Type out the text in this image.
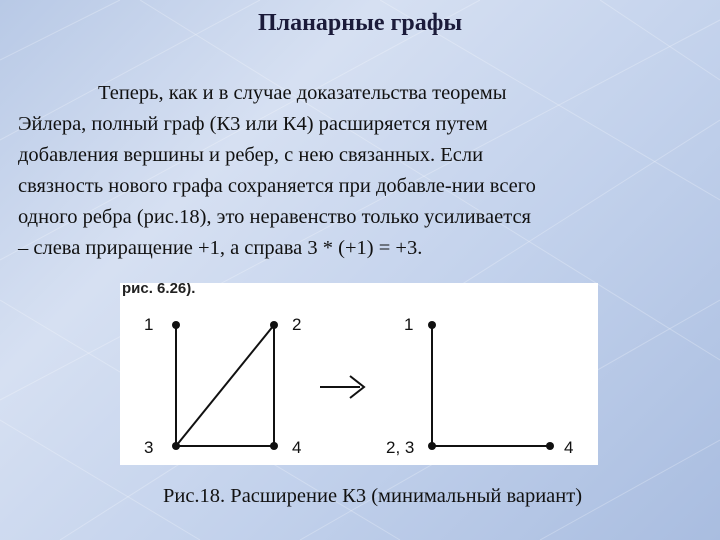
Планарные графы
Теперь, как и в случае доказательства теоремы
Эйлера, полный граф (К3 или К4) расширяется путем
добавления вершины и ребер, с нею связанных. Если
связность нового графа сохраняется при добавле-нии всего
одного ребра (рис.18), это неравенство только усиливается
– слева приращение +1, а справа 3 * (+1) = +3.
рис. 6.26).
1	2
3	4
1
2, 3	4
Рис.18. Расширение К3 (минимальный вариант)
